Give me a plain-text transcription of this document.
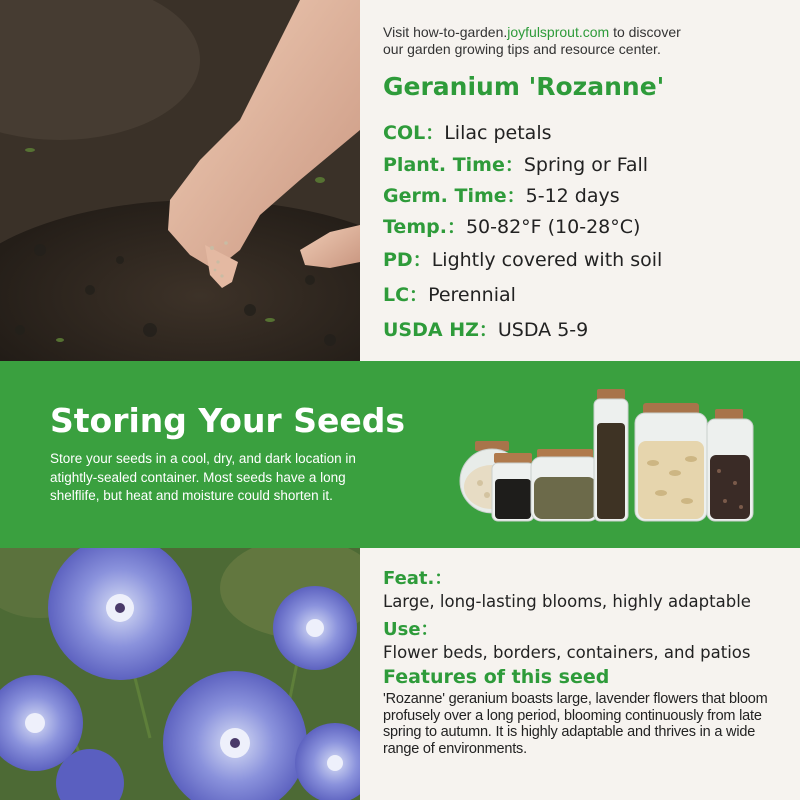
Visit how-to-garden.joyfulsprout.com to discover
our garden growing tips and resource center.

Geranium 'Rozanne'
COL：Lilac petals
Plant. Time：Spring or Fall
Germ. Time：5-12 days
Temp.：50-82°F (10-28°C)
PD：Lightly covered with soil
LC：Perennial
USDA HZ：USDA 5-9
Storing Your Seeds

Store your seeds in a cool, dry, and dark location in atightly-sealed container. Most seeds have a long shelflife, but heat and moisture could shorten it.

Feat.：
Large, long-lasting blooms, highly adaptable
Use：
Flower beds, borders, containers, and patios
Features of this seed

'Rozanne' geranium boasts large, lavender flowers that bloom profusely over a long period, blooming continuously from late spring to autumn. It is highly adaptable and thrives in a wide range of environments.
